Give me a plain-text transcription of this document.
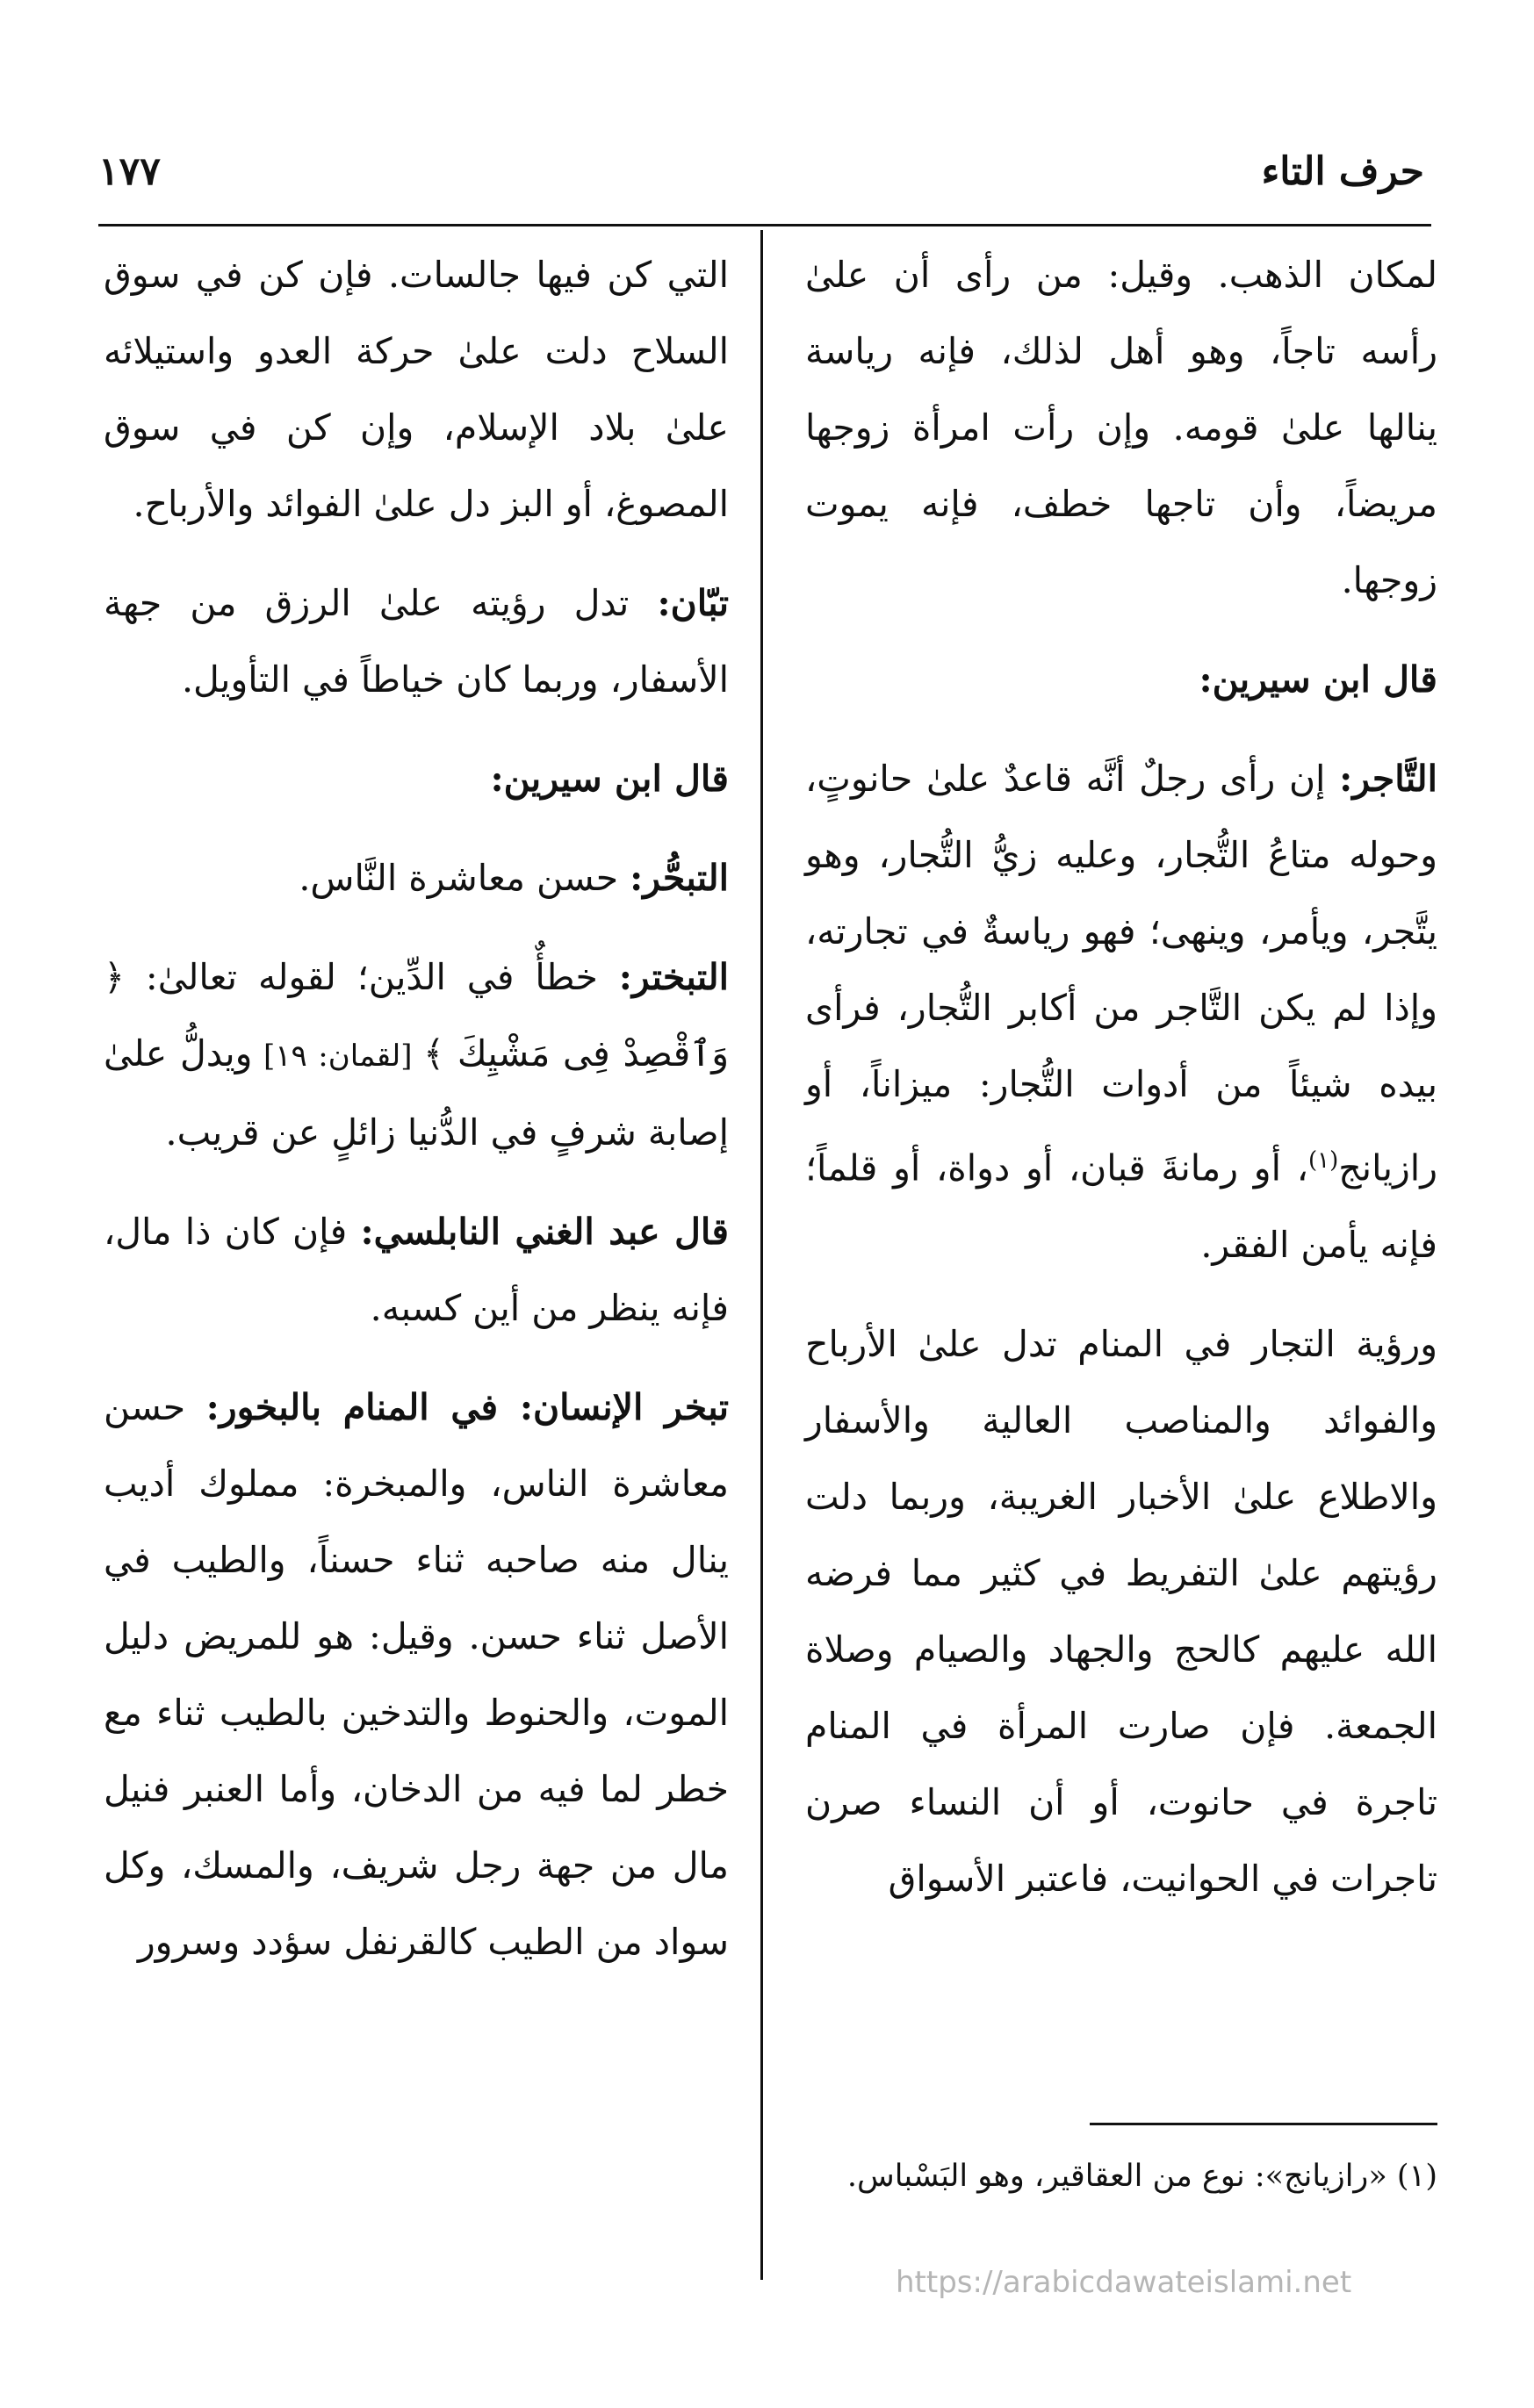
حرف التاء
١٧٧

لمكان الذهب. وقيل: من رأى أن علىٰ رأسه تاجاً، وهو أهل لذلك، فإنه رياسة ينالها علىٰ قومه. وإن رأت امرأة زوجها مريضاً، وأن تاجها خطف، فإنه يموت زوجها.

قال ابن سيرين:

التَّاجر: إن رأى رجلٌ أنَّه قاعدٌ علىٰ حانوتٍ، وحوله متاعُ التُّجار، وعليه زيُّ التُّجار، وهو يتَّجر، ويأمر، وينهى؛ فهو رياسةٌ في تجارته، وإذا لم يكن التَّاجر من أكابر التُّجار، فرأى بيده شيئاً من أدوات التُّجار: ميزاناً، أو رازيانج$^{(١)}$، أو رمانةَ قبان، أو دواة، أو قلماً؛ فإنه يأمن الفقر.

ورؤية التجار في المنام تدل علىٰ الأرباح والفوائد والمناصب العالية والأسفار والاطلاع علىٰ الأخبار الغريبة، وربما دلت رؤيتهم علىٰ التفريط في كثير مما فرضه الله عليهم كالحج والجهاد والصيام وصلاة الجمعة. فإن صارت المرأة في المنام تاجرة في حانوت، أو أن النساء صرن تاجرات في الحوانيت، فاعتبر الأسواق

التي كن فيها جالسات. فإن كن في سوق السلاح دلت علىٰ حركة العدو واستيلائه علىٰ بلاد الإسلام، وإن كن في سوق المصوغ، أو البز دل علىٰ الفوائد والأرباح.

تبّان: تدل رؤيته علىٰ الرزق من جهة الأسفار، وربما كان خياطاً في التأويل.

قال ابن سيرين:

التبحُّر: حسن معاشرة النَّاس.

التبختر: خطأٌ في الدِّين؛ لقوله تعالىٰ: ﴿ وَٱقْصِدْ فِى مَشْيِكَ ﴾ [لقمان: ١٩] ويدلُّ علىٰ إصابة شرفٍ في الدُّنيا زائلٍ عن قريب.

قال عبد الغني النابلسي: فإن كان ذا مال، فإنه ينظر من أين كسبه.

تبخر الإنسان: في المنام بالبخور: حسن معاشرة الناس، والمبخرة: مملوك أديب ينال منه صاحبه ثناء حسناً، والطيب في الأصل ثناء حسن. وقيل: هو للمريض دليل الموت، والحنوط والتدخين بالطيب ثناء مع خطر لما فيه من الدخان، وأما العنبر فنيل مال من جهة رجل شريف، والمسك، وكل سواد من الطيب كالقرنفل سؤدد وسرور

(١) «رازيانج»: نوع من العقاقير، وهو البَسْباس.
https://arabicdawateislami.net
